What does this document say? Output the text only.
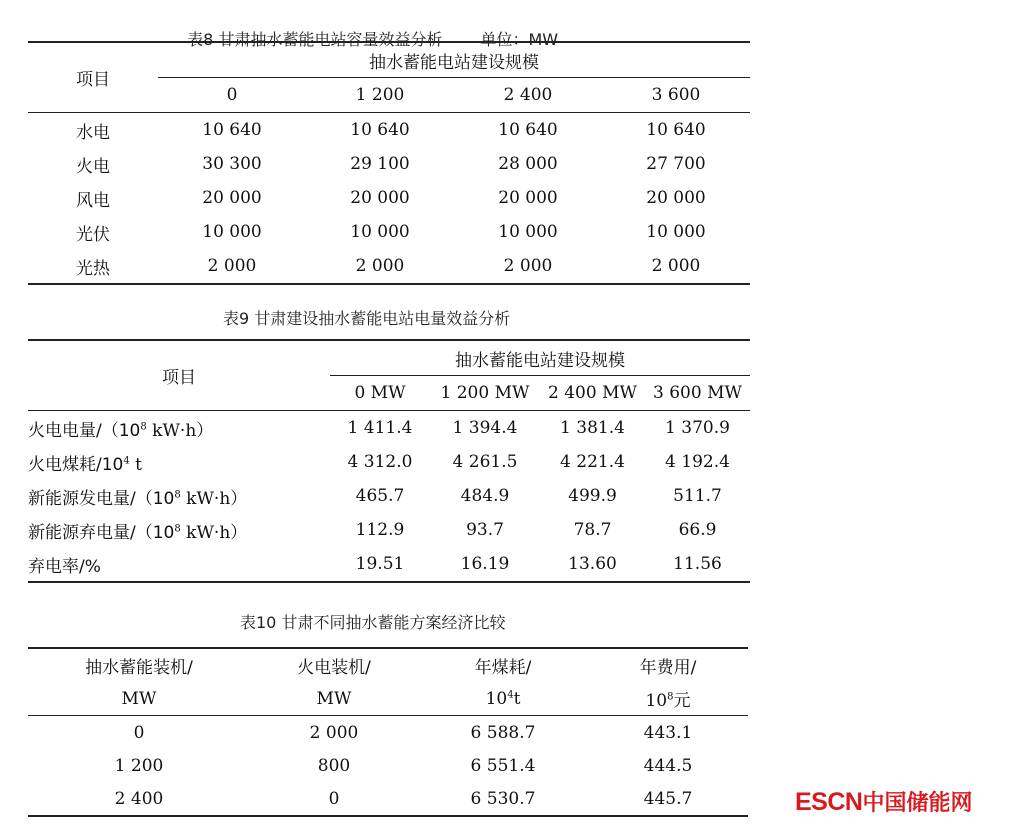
表8 甘肃抽水蓄能电站容量效益分析 单位：MW

项目	抽水蓄能电站建设规模			
	0	1 200	2 400	3 600
水电	10 640	10 640	10 640	10 640
火电	30 300	29 100	28 000	27 700
风电	20 000	20 000	20 000	20 000
光伏	10 000	10 000	10 000	10 000
光热	2 000	2 000	2 000	2 000
表9 甘肃建设抽水蓄能电站电量效益分析
项目	抽水蓄能电站建设规模			
	0 MW	1 200 MW	2 400 MW	3 600 MW
火电电量$/(10^8$ kW·h）	1 411.4	1 394.4	1 381.4	1 370.9
火电煤耗$/10^4$ t	4 312.0	4 261.5	4 221.4	4 192.4
新能源发电量$/(10^8$ kW·h）	465.7	484.9	499.9	511.7
新能源弃电量$/(10^8$ kW·h）	112.9	93.7	78.7	66.9
弃电率/%	19.51	16.19	13.60	11.56
表10 甘肃不同抽水蓄能方案经济比较
抽水蓄能装机/	火电装机/	年煤耗/	年费用/
MW	MW	$10^4t$	$10^8$元
0	2 000	6 588.7	443.1
1 200	800	6 551.4	444.5
2 400	0	6 530.7	445.7	ESCN中国储能网
